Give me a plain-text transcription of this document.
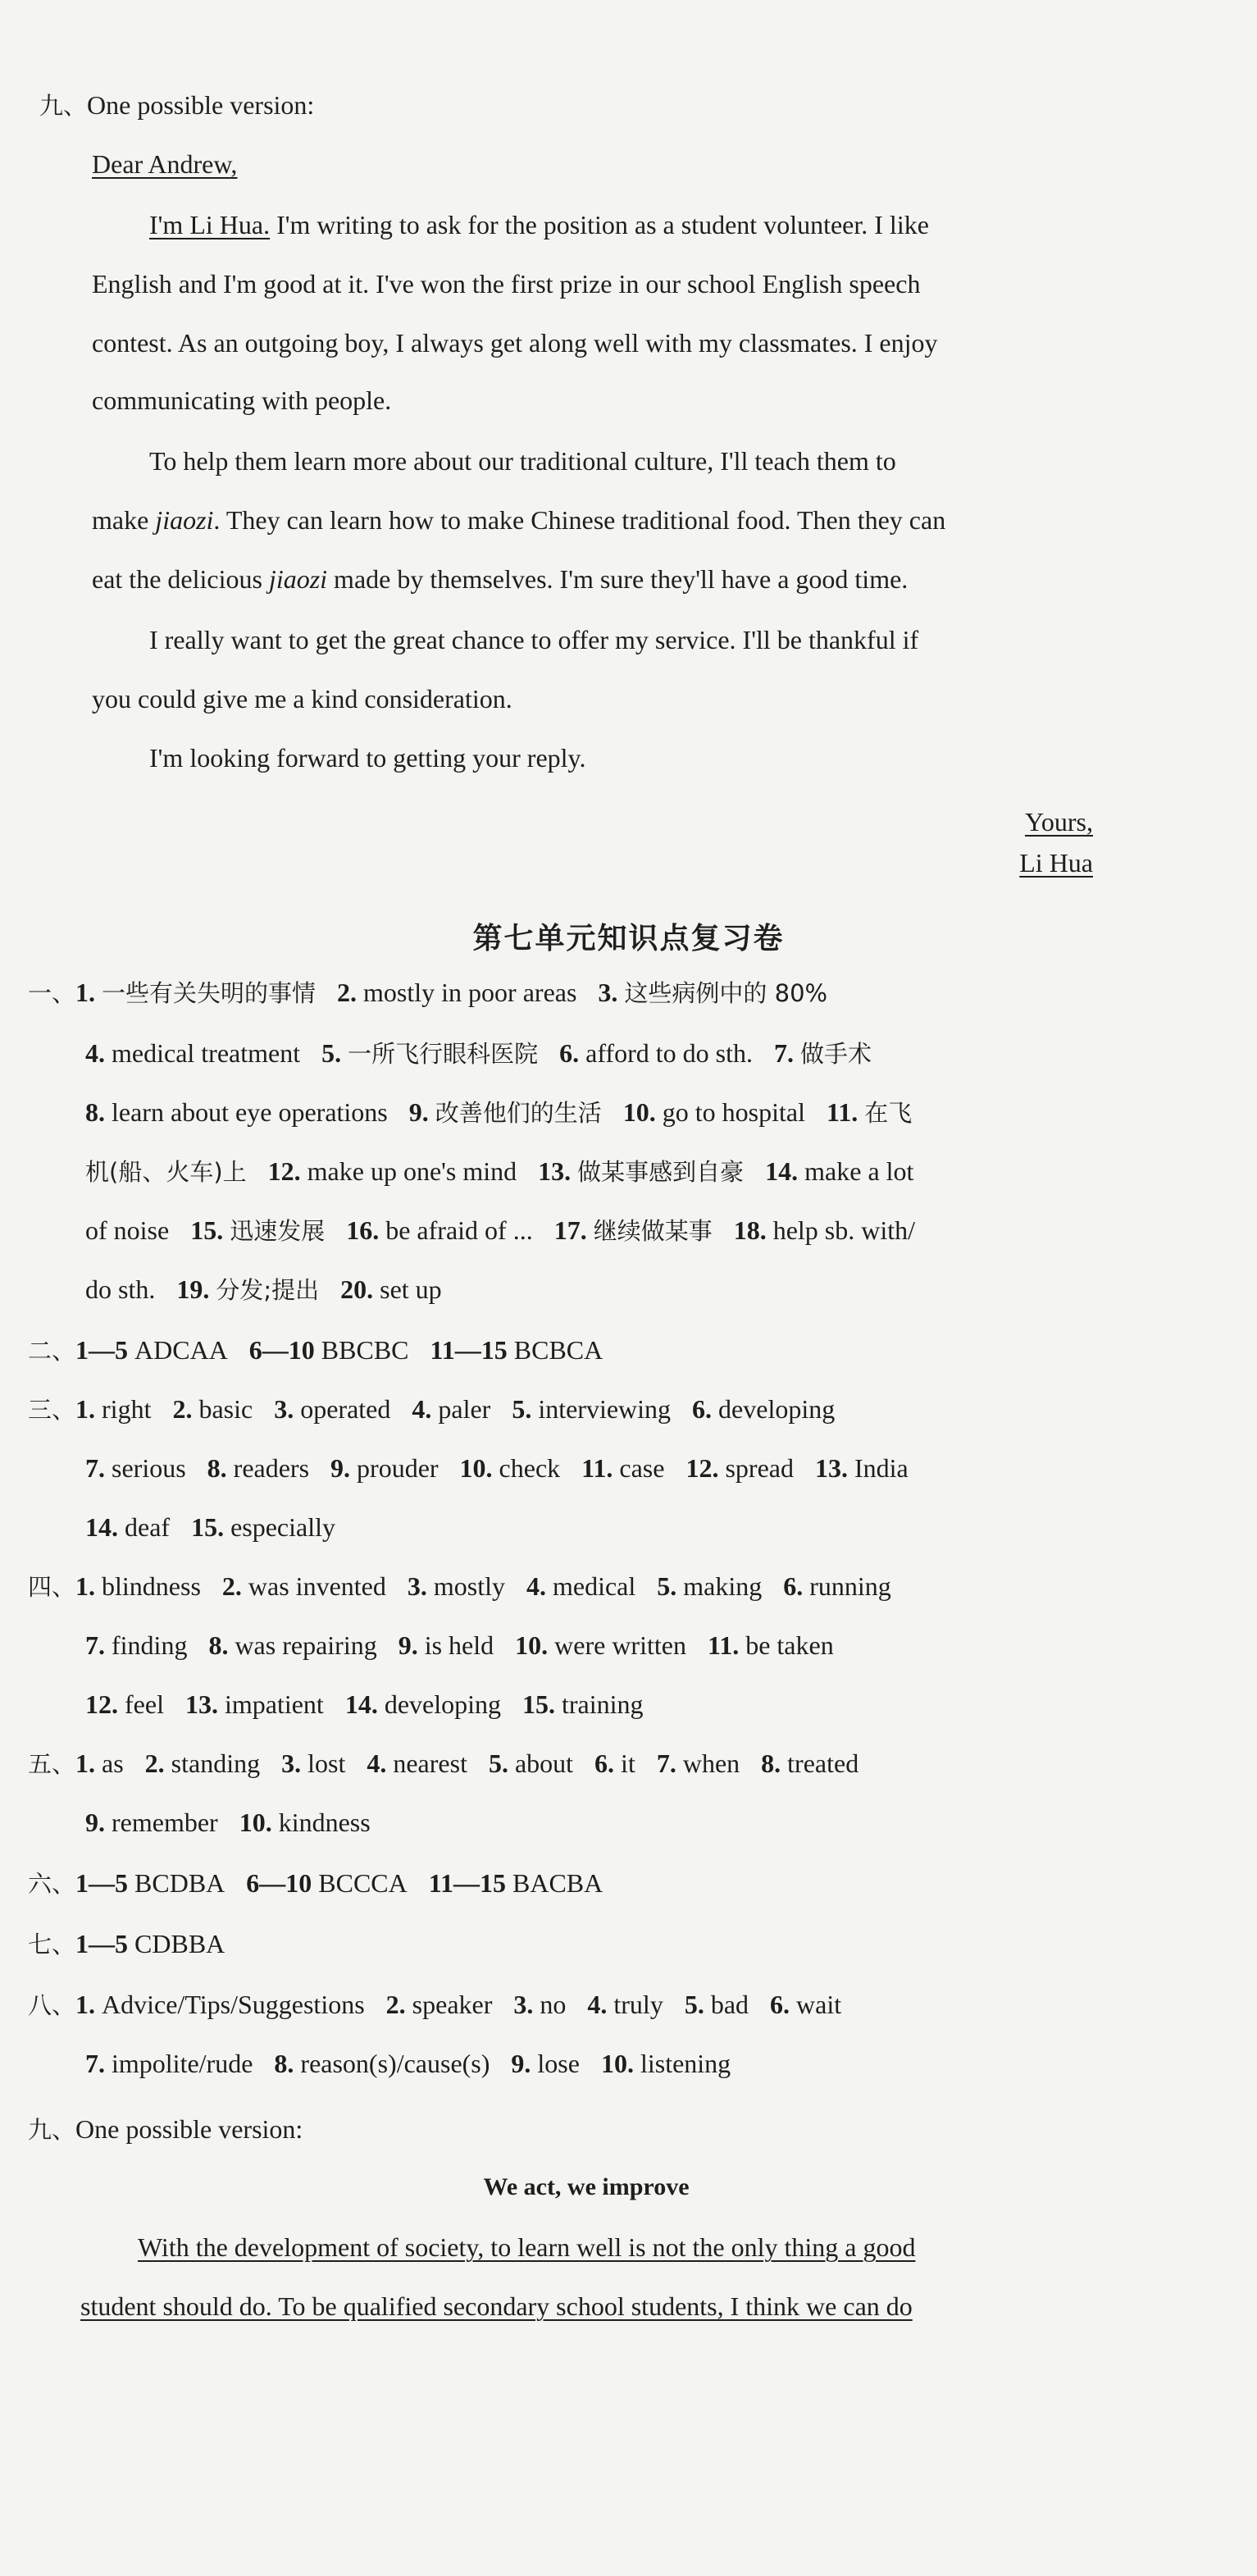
九、One possible version:
Dear Andrew,
I'm Li Hua. I'm writing to ask for the position as a student volunteer. I like
English and I'm good at it. I've won the first prize in our school English speech
contest. As an outgoing boy, I always get along well with my classmates. I enjoy
communicating with people.
To help them learn more about our traditional culture, I'll teach them to
make jiaozi. They can learn how to make Chinese traditional food. Then they can
eat the delicious jiaozi made by themselves. I'm sure they'll have a good time.
I really want to get the great chance to offer my service. I'll be thankful if
you could give me a kind consideration.
I'm looking forward to getting your reply.
Yours,
Li Hua
第七单元知识点复习卷
一、1. 一些有关失明的事情 2. mostly in poor areas 3. 这些病例中的 80%
4. medical treatment 5. 一所飞行眼科医院 6. afford to do sth. 7. 做手术
8. learn about eye operations 9. 改善他们的生活 10. go to hospital 11. 在飞
机(船、火车)上 12. make up one's mind 13. 做某事感到自豪 14. make a lot
of noise 15. 迅速发展 16. be afraid of ... 17. 继续做某事 18. help sb. with/
do sth. 19. 分发;提出 20. set up
二、1—5 ADCAA 6—10 BBCBC 11—15 BCBCA
三、1. right 2. basic 3. operated 4. paler 5. interviewing 6. developing
7. serious 8. readers 9. prouder 10. check 11. case 12. spread 13. India
14. deaf 15. especially
四、1. blindness 2. was invented 3. mostly 4. medical 5. making 6. running
7. finding 8. was repairing 9. is held 10. were written 11. be taken
12. feel 13. impatient 14. developing 15. training
五、1. as 2. standing 3. lost 4. nearest 5. about 6. it 7. when 8. treated
9. remember 10. kindness
六、1—5 BCDBA 6—10 BCCCA 11—15 BACBA
七、1—5 CDBBA
八、1. Advice/Tips/Suggestions 2. speaker 3. no 4. truly 5. bad 6. wait
7. impolite/rude 8. reason(s)/cause(s) 9. lose 10. listening
九、One possible version:
We act, we improve
With the development of society, to learn well is not the only thing a good
student should do. To be qualified secondary school students, I think we can do
